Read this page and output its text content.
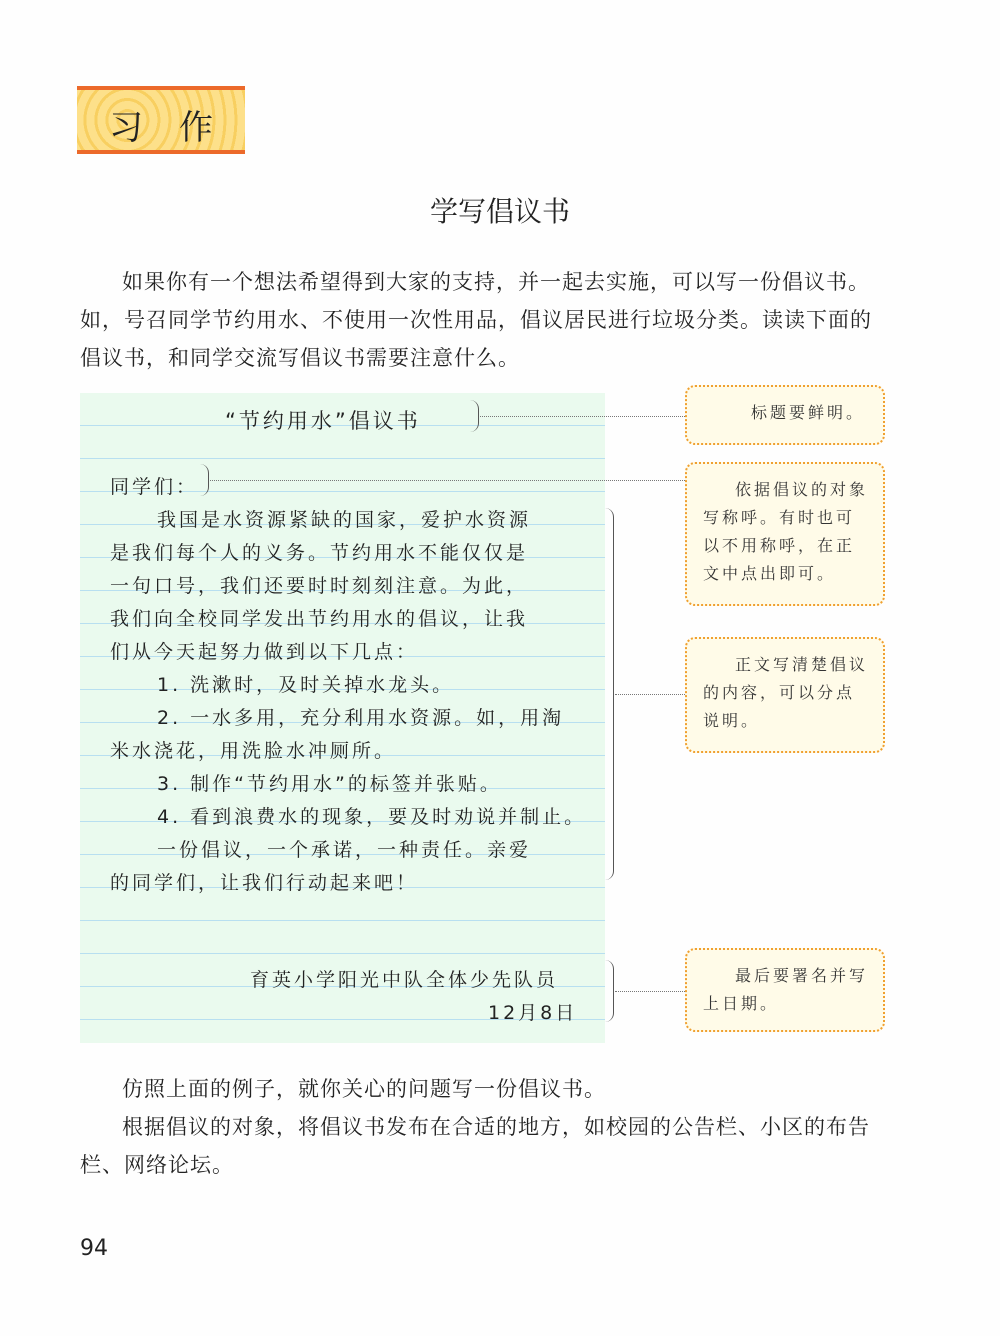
习 作
学写倡议书
如果你有一个想法希望得到大家的支持，并一起去实施，可以写一份倡议书。如，号召同学节约用水、不使用一次性用品，倡议居民进行垃圾分类。读读下面的倡议书，和同学交流写倡议书需要注意什么。
“节约用水”倡议书
同学们：
我国是水资源紧缺的国家，爱护水资源
是我们每个人的义务。节约用水不能仅仅是
一句口号，我们还要时时刻刻注意。为此，
我们向全校同学发出节约用水的倡议，让我
们从今天起努力做到以下几点：
1. 洗漱时，及时关掉水龙头。
2. 一水多用，充分利用水资源。如，用淘
米水浇花，用洗脸水冲厕所。
3. 制作“节约用水”的标签并张贴。
4. 看到浪费水的现象，要及时劝说并制止。
一份倡议，一个承诺，一种责任。亲爱
的同学们，让我们行动起来吧！
育英小学阳光中队全体少先队员
12月8日
标题要鲜明。
依据倡议的对象写称呼。有时也可以不用称呼，在正文中点出即可。
正文写清楚倡议的内容，可以分点说明。
最后要署名并写上日期。
仿照上面的例子，就你关心的问题写一份倡议书。
根据倡议的对象，将倡议书发布在合适的地方，如校园的公告栏、小区的布告栏、网络论坛。
94
